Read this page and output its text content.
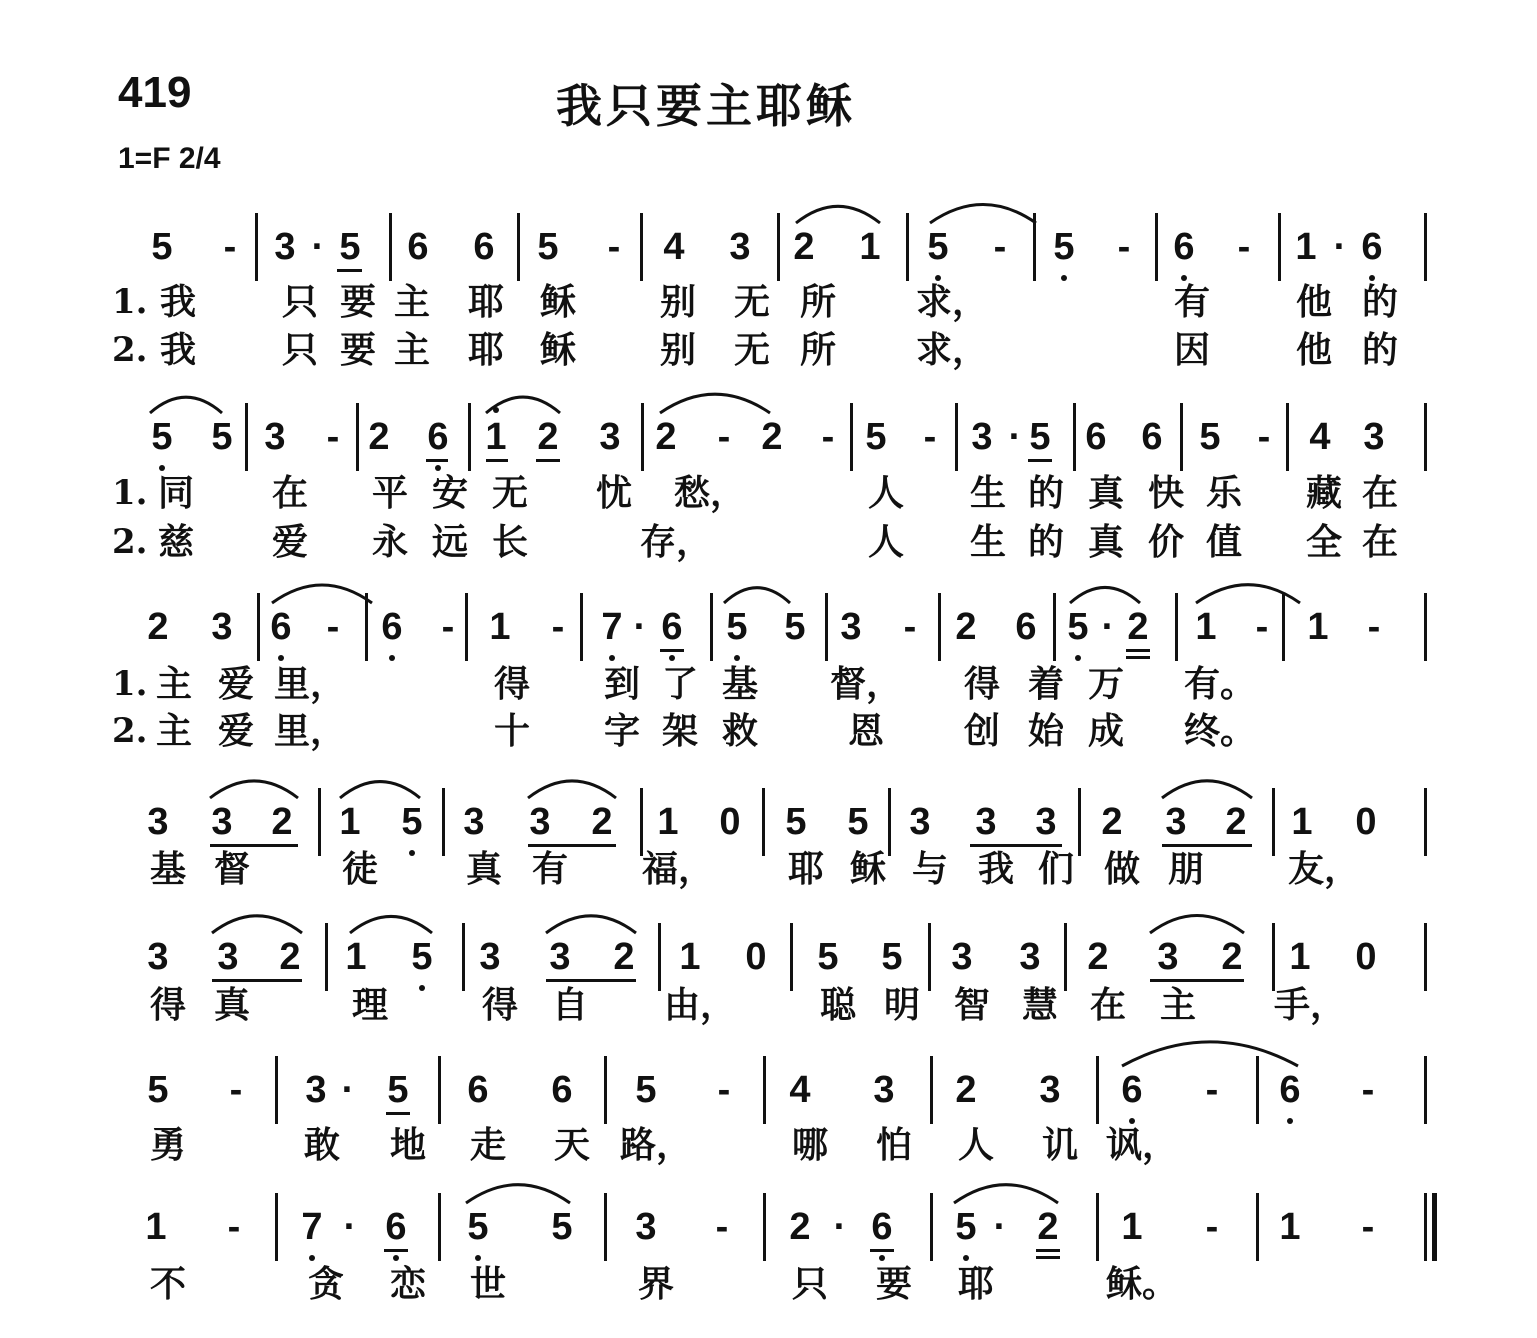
419	我只要主耶稣
1=F 2/4
5 - 3 · 5 6 6 5 - 4 3 2 1 5 - 5 - 6 - 1 · 6
1. 我 只 要 主 耶 稣 别 无 所 求，	有 他 的
2. 我 只 要 主 耶 稣 别 无 所 求，	因 他 的
5 5 3 - 2 6 1 2 3 2 - 2 - 5 - 3 · 5 6 6 5 - 4 3
1. 同 在 平 安 无 忧 愁，	人 生 的 真 快 乐 藏 在
2. 慈 爱 永 远 长	存，	人 生 的 真 价 值 全 在
2 3 6 - 6 - 1 - 7 · 6 5 5 3 - 2 6 5 · 2 1 - 1 -
1. 主 爱 里，	得 到 了 基 督， 得 着 万 有。
2. 主 爱 里，	十 字 架 救 恩 创 始 成 终。
3 3 2 1 5 3 3 2 1 0 5 5 3 3 3 2 3 2 1 0
基 督	徒 真 有 福， 耶 稣 与 我 们 做 朋 友，
3 3 2 1 5 3 3 2 1 0 5 5 3 3 2 3 2 1 0
得 真	理	得 自 由， 聪 明 智 慧 在 主 手，
5 - 3 · 5 6 6 5 - 4 3 2 3 6 - 6 -
勇	敢 地 走 天 路，	哪 怕 人 讥 讽，
1 - 7 · 6 5 5 3 - 2 · 6 5 · 2 1 - 1 -
不	贪 恋 世	界	只 要 耶	稣。
